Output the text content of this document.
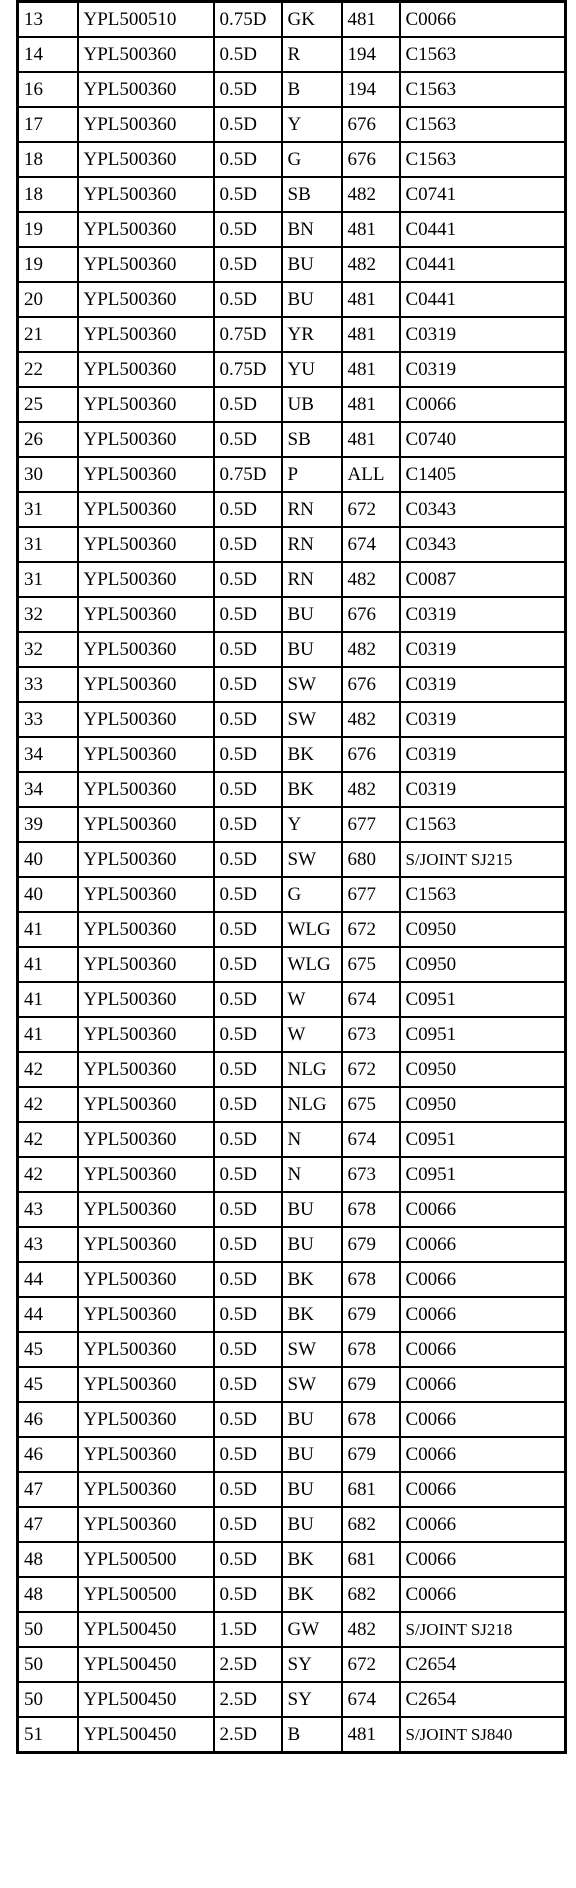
13	YPL500510	0.75D	GK	481	C0066
14	YPL500360	0.5D	R	194	C1563
16	YPL500360	0.5D	B	194	C1563
17	YPL500360	0.5D	Y	676	C1563
18	YPL500360	0.5D	G	676	C1563
18	YPL500360	0.5D	SB	482	C0741
19	YPL500360	0.5D	BN	481	C0441
19	YPL500360	0.5D	BU	482	C0441
20	YPL500360	0.5D	BU	481	C0441
21	YPL500360	0.75D	YR	481	C0319
22	YPL500360	0.75D	YU	481	C0319
25	YPL500360	0.5D	UB	481	C0066
26	YPL500360	0.5D	SB	481	C0740
30	YPL500360	0.75D	P	ALL	C1405
31	YPL500360	0.5D	RN	672	C0343
31	YPL500360	0.5D	RN	674	C0343
31	YPL500360	0.5D	RN	482	C0087
32	YPL500360	0.5D	BU	676	C0319
32	YPL500360	0.5D	BU	482	C0319
33	YPL500360	0.5D	SW	676	C0319
33	YPL500360	0.5D	SW	482	C0319
34	YPL500360	0.5D	BK	676	C0319
34	YPL500360	0.5D	BK	482	C0319
39	YPL500360	0.5D	Y	677	C1563
40	YPL500360	0.5D	SW	680	S/JOINT SJ215
40	YPL500360	0.5D	G	677	C1563
41	YPL500360	0.5D	WLG	672	C0950
41	YPL500360	0.5D	WLG	675	C0950
41	YPL500360	0.5D	W	674	C0951
41	YPL500360	0.5D	W	673	C0951
42	YPL500360	0.5D	NLG	672	C0950
42	YPL500360	0.5D	NLG	675	C0950
42	YPL500360	0.5D	N	674	C0951
42	YPL500360	0.5D	N	673	C0951
43	YPL500360	0.5D	BU	678	C0066
43	YPL500360	0.5D	BU	679	C0066
44	YPL500360	0.5D	BK	678	C0066
44	YPL500360	0.5D	BK	679	C0066
45	YPL500360	0.5D	SW	678	C0066
45	YPL500360	0.5D	SW	679	C0066
46	YPL500360	0.5D	BU	678	C0066
46	YPL500360	0.5D	BU	679	C0066
47	YPL500360	0.5D	BU	681	C0066
47	YPL500360	0.5D	BU	682	C0066
48	YPL500500	0.5D	BK	681	C0066
48	YPL500500	0.5D	BK	682	C0066
50	YPL500450	1.5D	GW	482	S/JOINT SJ218
50	YPL500450	2.5D	SY	672	C2654
50	YPL500450	2.5D	SY	674	C2654
51	YPL500450	2.5D	B	481	S/JOINT SJ840
